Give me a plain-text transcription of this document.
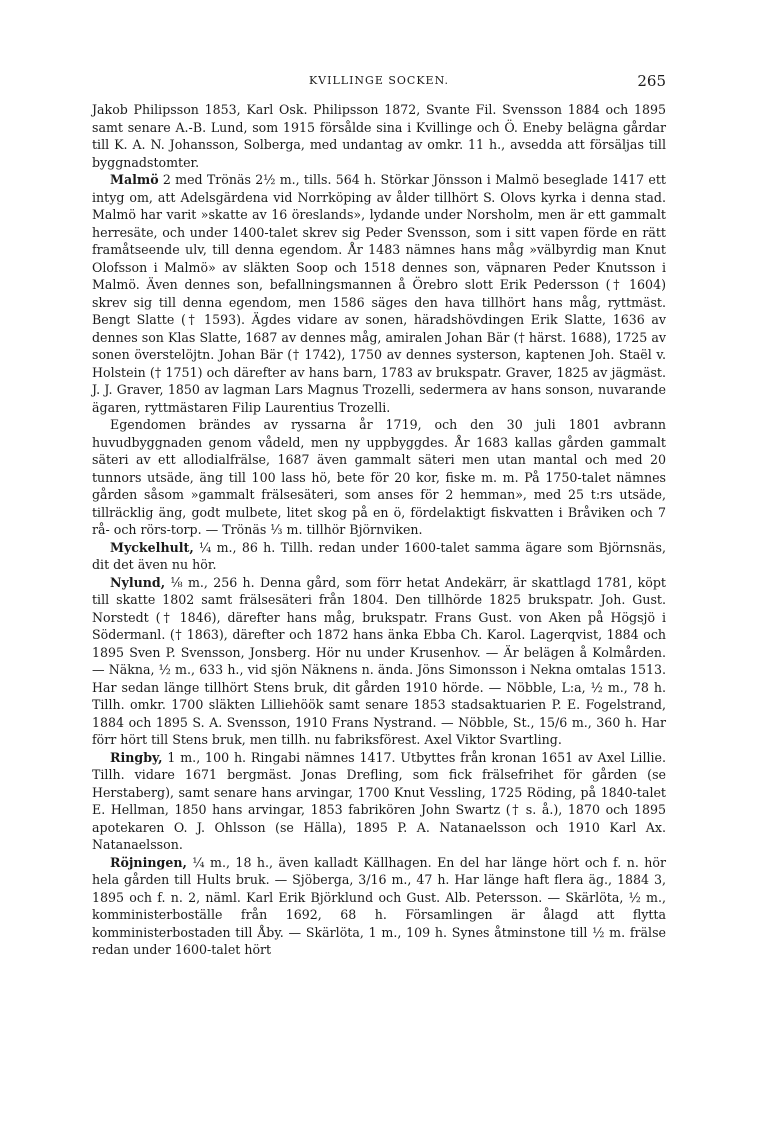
KVILLINGE SOCKEN.	265

Jakob Philipsson 1853, Karl Osk. Philipsson 1872, Svante Fil. Svensson 1884 och 1895 samt senare A.-B. Lund, som 1915 försålde sina i Kvillinge och Ö. Eneby belägna gårdar till K. A. N. Johansson, Solberga, med undantag av omkr. 11 h., avsedda att försäljas till byggnadstomter.

Malmö 2 med Trönäs 2½ m., tills. 564 h. Störkar Jönsson i Malmö beseglade 1417 ett intyg om, att Adelsgärdena vid Norrköping av ålder tillhört S. Olovs kyrka i denna stad. Malmö har varit »skatte av 16 öreslands», lydande under Norsholm, men är ett gammalt herresäte, och under 1400-talet skrev sig Peder Svensson, som i sitt vapen förde en rätt framåtseende ulv, till denna egendom. År 1483 nämnes hans måg »välbyrdig man Knut Olofsson i Malmö» av släkten Soop och 1518 dennes son, väpnaren Peder Knutsson i Malmö. Även dennes son, befallningsmannen å Örebro slott Erik Pedersson († 1604) skrev sig till denna egendom, men 1586 säges den hava tillhört hans måg, ryttmäst. Bengt Slatte († 1593). Ägdes vidare av sonen, häradshövdingen Erik Slatte, 1636 av dennes son Klas Slatte, 1687 av dennes måg, amiralen Johan Bär († härst. 1688), 1725 av sonen överstelöjtn. Johan Bär († 1742), 1750 av dennes systerson, kaptenen Joh. Staël v. Holstein († 1751) och därefter av hans barn, 1783 av brukspatr. Graver, 1825 av jägmäst. J. J. Graver, 1850 av lagman Lars Magnus Trozelli, sedermera av hans sonson, nuvarande ägaren, ryttmästaren Filip Laurentius Trozelli.

Egendomen brändes av ryssarna år 1719, och den 30 juli 1801 avbrann huvudbyggnaden genom vådeld, men ny uppbyggdes. År 1683 kallas gården gammalt säteri av ett allodialfrälse, 1687 även gammalt säteri men utan mantal och med 20 tunnors utsäde, äng till 100 lass hö, bete för 20 kor, fiske m. m. På 1750-talet nämnes gården såsom »gammalt frälsesäteri, som anses för 2 hemman», med 25 t:rs utsäde, tillräcklig äng, godt mulbete, litet skog på en ö, fördelaktigt fiskvatten i Bråviken och 7 rå- och rörs-torp. — Trönäs ⅓ m. tillhör Björnviken.

Myckelhult, ¼ m., 86 h. Tillh. redan under 1600-talet samma ägare som Björnsnäs, dit det även nu hör.

Nylund, ⅛ m., 256 h. Denna gård, som förr hetat Andekärr, är skattlagd 1781, köpt till skatte 1802 samt frälsesäteri från 1804. Den tillhörde 1825 brukspatr. Joh. Gust. Norstedt († 1846), därefter hans måg, brukspatr. Frans Gust. von Aken på Högsjö i Södermanl. († 1863), därefter och 1872 hans änka Ebba Ch. Karol. Lagerqvist, 1884 och 1895 Sven P. Svensson, Jonsberg. Hör nu under Krusenhov. — Är belägen å Kolmården. — Näkna, ½ m., 633 h., vid sjön Näknens n. ända. Jöns Simonsson i Nekna omtalas 1513. Har sedan länge tillhört Stens bruk, dit gården 1910 hörde. — Nöbble, L:a, ½ m., 78 h. Tillh. omkr. 1700 släkten Lilliehöök samt senare 1853 stadsaktuarien P. E. Fogelstrand, 1884 och 1895 S. A. Svensson, 1910 Frans Nystrand. — Nöbble, St., 15/6 m., 360 h. Har förr hört till Stens bruk, men tillh. nu fabriksförest. Axel Viktor Svartling.

Ringby, 1 m., 100 h. Ringabi nämnes 1417. Utbyttes från kronan 1651 av Axel Lillie. Tillh. vidare 1671 bergmäst. Jonas Drefling, som fick frälsefrihet för gården (se Herstaberg), samt senare hans arvingar, 1700 Knut Vessling, 1725 Röding, på 1840-talet E. Hellman, 1850 hans arvingar, 1853 fabrikören John Swartz († s. å.), 1870 och 1895 apotekaren O. J. Ohlsson (se Hälla), 1895 P. A. Natanaelsson och 1910 Karl Ax. Natanaelsson.

Röjningen, ¼ m., 18 h., även kalladt Källhagen. En del har länge hört och f. n. hör hela gården till Hults bruk. — Sjöberga, 3/16 m., 47 h. Har länge haft flera äg., 1884 3, 1895 och f. n. 2, näml. Karl Erik Björklund och Gust. Alb. Petersson. — Skärlöta, ½ m., komministerboställe från 1692, 68 h. Församlingen är ålagd att flytta komministerbostaden till Åby. — Skärlöta, 1 m., 109 h. Synes åtminstone till ½ m. frälse redan under 1600-talet hört
